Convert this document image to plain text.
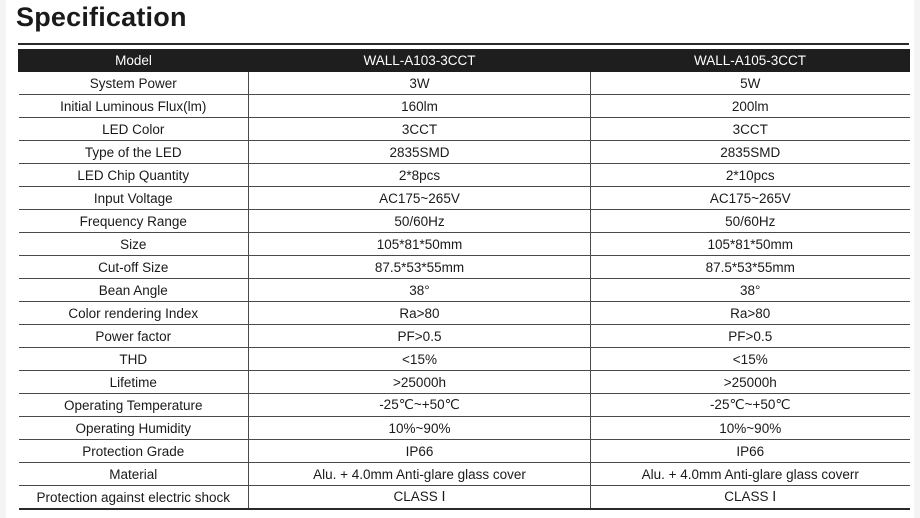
Specification
Model	WALL-A103-3CCT	WALL-A105-3CCT
System Power	3W	5W
Initial Luminous Flux(lm)	160lm	200lm
LED Color	3CCT	3CCT
Type of the LED	2835SMD	2835SMD
LED Chip Quantity	2*8pcs	2*10pcs
Input Voltage	AC175~265V	AC175~265V
Frequency Range	50/60Hz	50/60Hz
Size	105*81*50mm	105*81*50mm
Cut-off Size	87.5*53*55mm	87.5*53*55mm
Bean Angle	38°	38°
Color rendering Index	Ra>80	Ra>80
Power factor	PF>0.5	PF>0.5
THD	<15%	<15%
Lifetime	>25000h	>25000h
Operating Temperature	-25℃~+50℃	-25℃~+50℃
Operating Humidity	10%~90%	10%~90%
Protection Grade	IP66	IP66
Material	Alu. + 4.0mm Anti-glare glass cover	Alu. + 4.0mm Anti-glare glass coverr
Protection against electric shock	CLASS Ⅰ	CLASS Ⅰ
